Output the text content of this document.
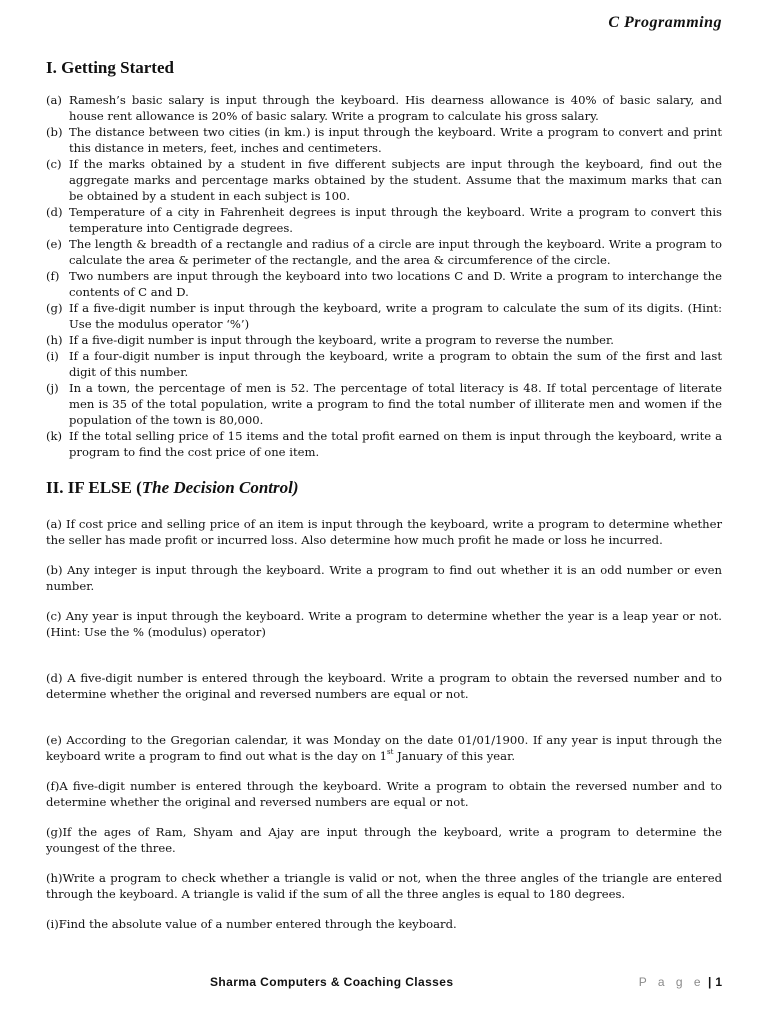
C Programming
I. Getting Started
(a) Ramesh’s basic salary is input through the keyboard. His dearness allowance is 40% of basic salary, and house rent allowance is 20% of basic salary. Write a program to calculate his gross salary.
(b) The distance between two cities (in km.) is input through the keyboard. Write a program to convert and print this distance in meters, feet, inches and centimeters.
(c) If the marks obtained by a student in five different subjects are input through the keyboard, find out the aggregate marks and percentage marks obtained by the student. Assume that the maximum marks that can be obtained by a student in each subject is 100.
(d) Temperature of a city in Fahrenheit degrees is input through the keyboard. Write a program to convert this temperature into Centigrade degrees.
(e) The length & breadth of a rectangle and radius of a circle are input through the keyboard. Write a program to calculate the area & perimeter of the rectangle, and the area & circumference of the circle.
(f) Two numbers are input through the keyboard into two locations C and D. Write a program to interchange the contents of C and D.
(g) If a five-digit number is input through the keyboard, write a program to calculate the sum of its digits. (Hint: Use the modulus operator ‘%’)
(h) If a five-digit number is input through the keyboard, write a program to reverse the number.
(i) If a four-digit number is input through the keyboard, write a program to obtain the sum of the first and last digit of this number.
(j) In a town, the percentage of men is 52. The percentage of total literacy is 48. If total percentage of literate men is 35 of the total population, write a program to find the total number of illiterate men and women if the population of the town is 80,000.
(k) If the total selling price of 15 items and the total profit earned on them is input through the keyboard, write a program to find the cost price of one item.
II. IF ELSE (The Decision Control)

(a) If cost price and selling price of an item is input through the keyboard, write a program to determine whether the seller has made profit or incurred loss. Also determine how much profit he made or loss he incurred.

(b) Any integer is input through the keyboard. Write a program to find out whether it is an odd number or even number.

(c) Any year is input through the keyboard. Write a program to determine whether the year is a leap year or not. (Hint: Use the % (modulus) operator)

(d) A five-digit number is entered through the keyboard. Write a program to obtain the reversed number and to determine whether the original and reversed numbers are equal or not.

(e) According to the Gregorian calendar, it was Monday on the date 01/01/1900. If any year is input through the keyboard write a program to find out what is the day on 1st January of this year.

(f)A five-digit number is entered through the keyboard. Write a program to obtain the reversed number and to determine whether the original and reversed numbers are equal or not.

(g)If the ages of Ram, Shyam and Ajay are input through the keyboard, write a program to determine the youngest of the three.

(h)Write a program to check whether a triangle is valid or not, when the three angles of the triangle are entered through the keyboard. A triangle is valid if the sum of all the three angles is equal to 180 degrees.

(i)Find the absolute value of a number entered through the keyboard.

Sharma Computers & Coaching Classes	P a g e | 1
